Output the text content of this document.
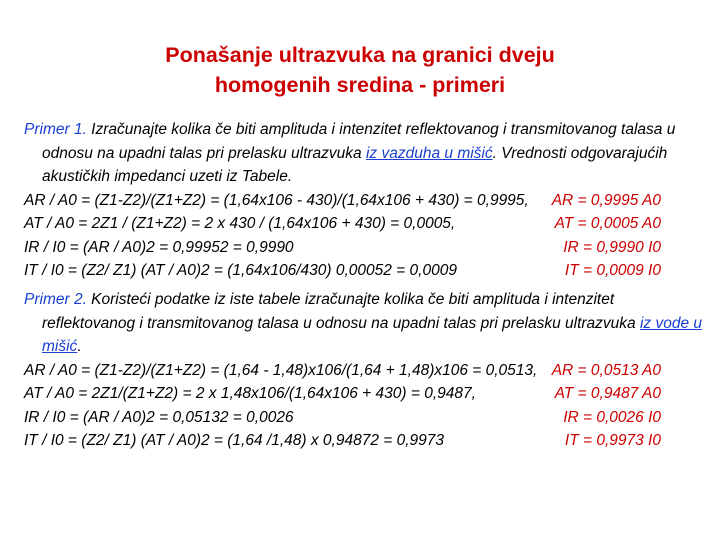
Ponašanje ultrazvuka na granici dveju
homogenih sredina - primeri
Primer 1. Izračunajte kolika če biti amplituda i intenzitet reflektovanog i transmitovanog talasa u odnosu na upadni talas pri prelasku ultrazvuka iz vazduha u mišić. Vrednosti odgovarajućih akustičkih impedanci uzeti iz Tabele.
AR / A0 = (Z1-Z2)/(Z1+Z2) = (1,64x106 - 430)/(1,64x106 + 430) = 0,9995, AR = 0,9995 A0
AT / A0 = 2Z1 / (Z1+Z2) = 2 x 430 / (1,64x106 + 430) = 0,0005,	AT = 0,0005 A0
IR / I0 = (AR / A0)2 = 0,99952 = 0,9990	IR = 0,9990 I0
IT / I0 = (Z2/ Z1) (AT / A0)2 = (1,64x106/430) 0,00052 = 0,0009	IT = 0,0009 I0
Primer 2. Koristeći podatke iz iste tabele izračunajte kolika če biti amplituda i intenzitet reflektovanog i transmitovanog talasa u odnosu na upadni talas pri prelasku ultrazvuka iz vode u mišić.
AR / A0 = (Z1-Z2)/(Z1+Z2) = (1,64 - 1,48)x106/(1,64 + 1,48)x106 = 0,0513, AR = 0,0513 A0
AT / A0 = 2Z1/(Z1+Z2) = 2 x 1,48x106/(1,64x106 + 430) = 0,9487,	AT = 0,9487 A0
IR / I0 = (AR / A0)2 = 0,05132 = 0,0026	IR = 0,0026 I0
IT / I0 = (Z2/ Z1) (AT / A0)2 = (1,64 /1,48) x 0,94872 = 0,9973	IT = 0,9973 I0
